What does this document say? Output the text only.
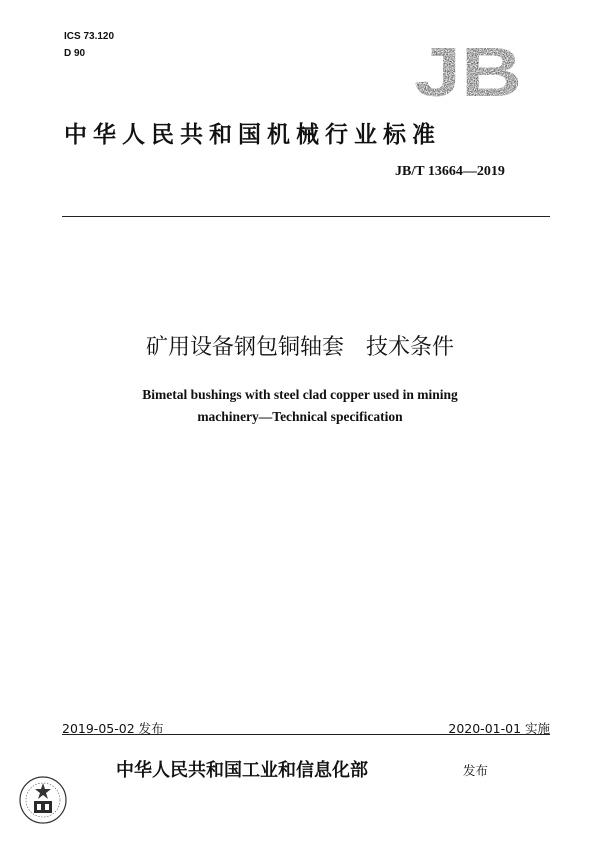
ICS 73.120
D 90	JB
中华人民共和国机械行业标准
JB/T 13664—2019
矿用设备钢包铜轴套　技术条件
Bimetal bushings with steel clad copper used in mining
machinery—Technical specification
2019-05-02 发布	2020-01-01 实施
中华人民共和国工业和信息化部	发布
